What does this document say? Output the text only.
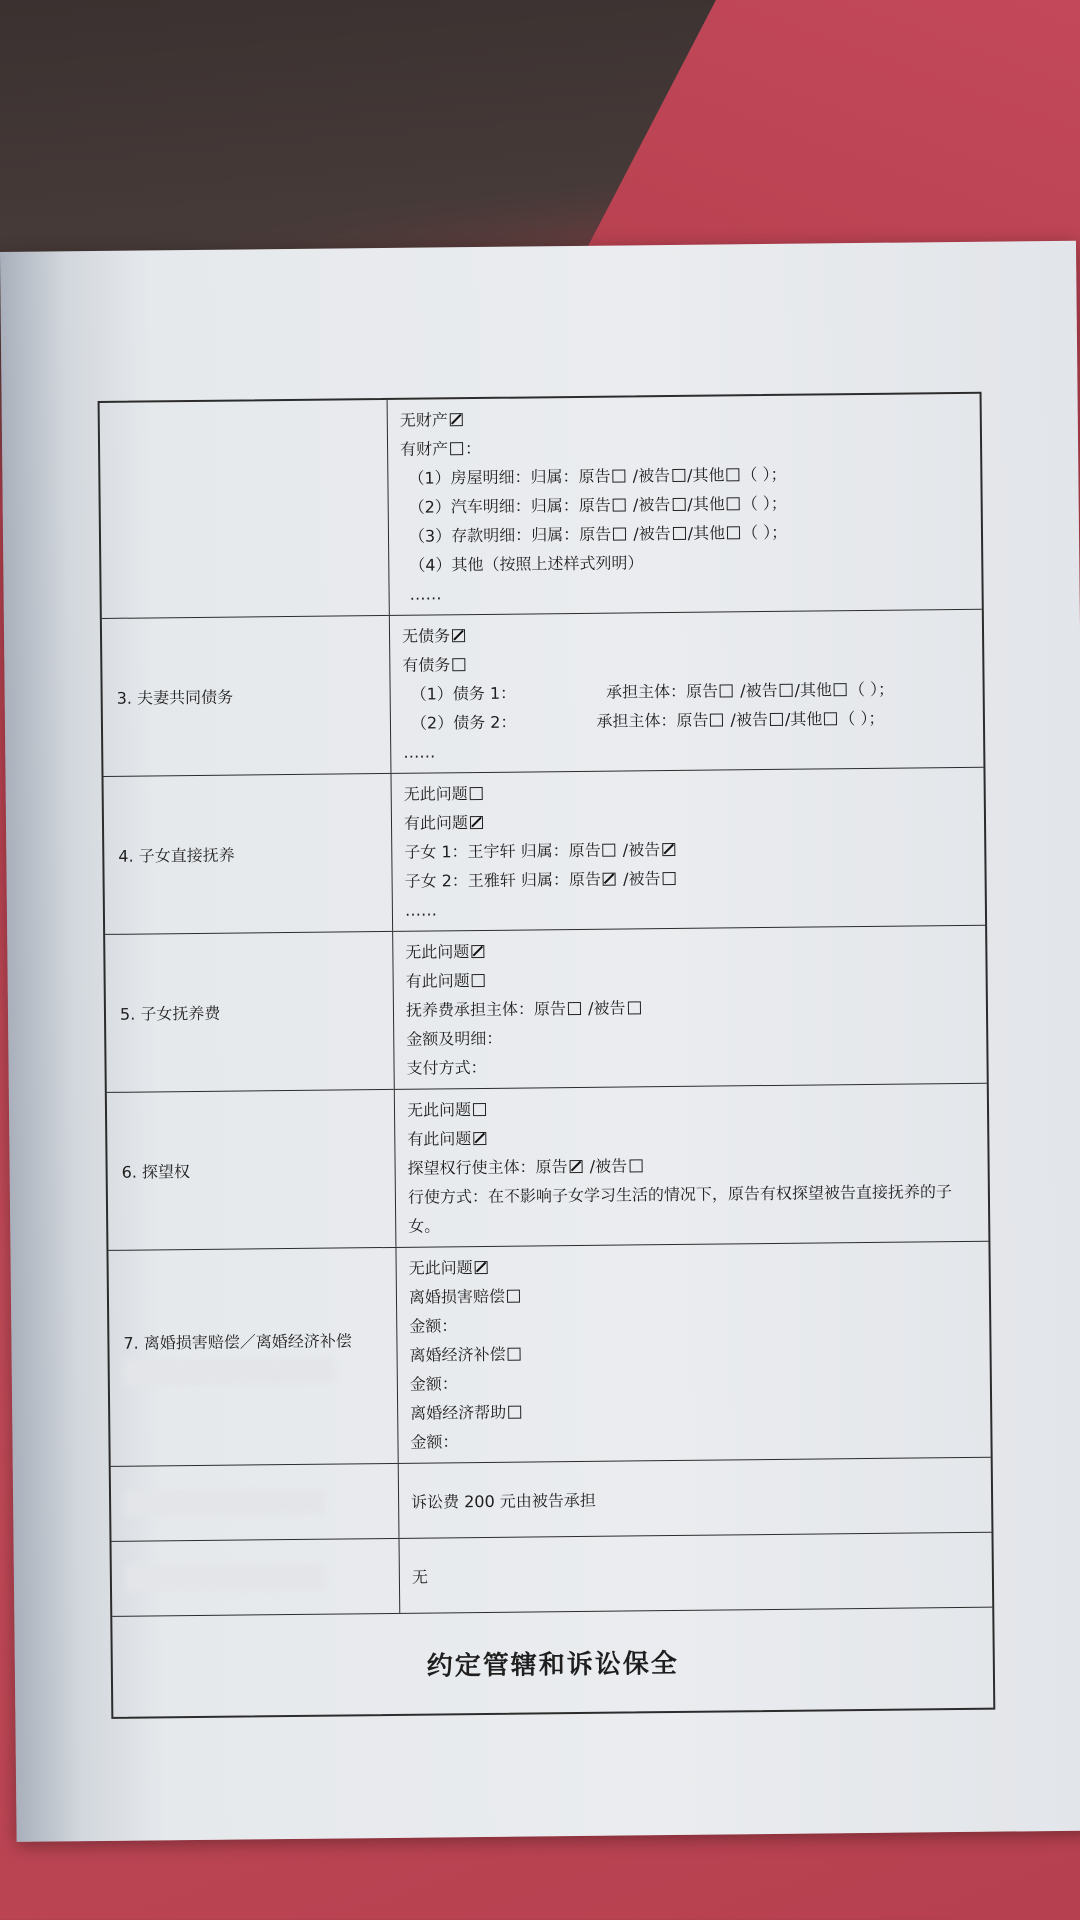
无财产
有财产 ：
（1）房屋明细：归属：原告 /被告 /其他 （ ）；
（2）汽车明细：归属：原告 /被告 /其他 （ ）；
（3）存款明细：归属：原告 /被告 /其他 （ ）；
（4）其他（按照上述样式列明）
……
3. 夫妻共同债务
无债务
有债务
（1）债务 1：	承担主体：原告 /被告 /其他 （ ）；
（2）债务 2：	承担主体：原告 /被告 /其他 （ ）；
……
4. 子女直接抚养
无此问题
有此问题
子女 1：王宇轩 归属：原告 /被告
子女 2：王雅轩 归属：原告 /被告
……
5. 子女抚养费
无此问题
有此问题
抚养费承担主体：原告 /被告
金额及明细：
支付方式：
6. 探望权
无此问题
有此问题
探望权行使主体：原告 /被告
行使方式：在不影响子女学习生活的情况下，原告有权探望被告直接抚养的子女。
7. 离婚损害赔偿／离婚经济补偿
无此问题
离婚损害赔偿
金额：
离婚经济补偿
金额：
离婚经济帮助
金额：
诉讼费 200 元由被告承担
无
约定管辖和诉讼保全
